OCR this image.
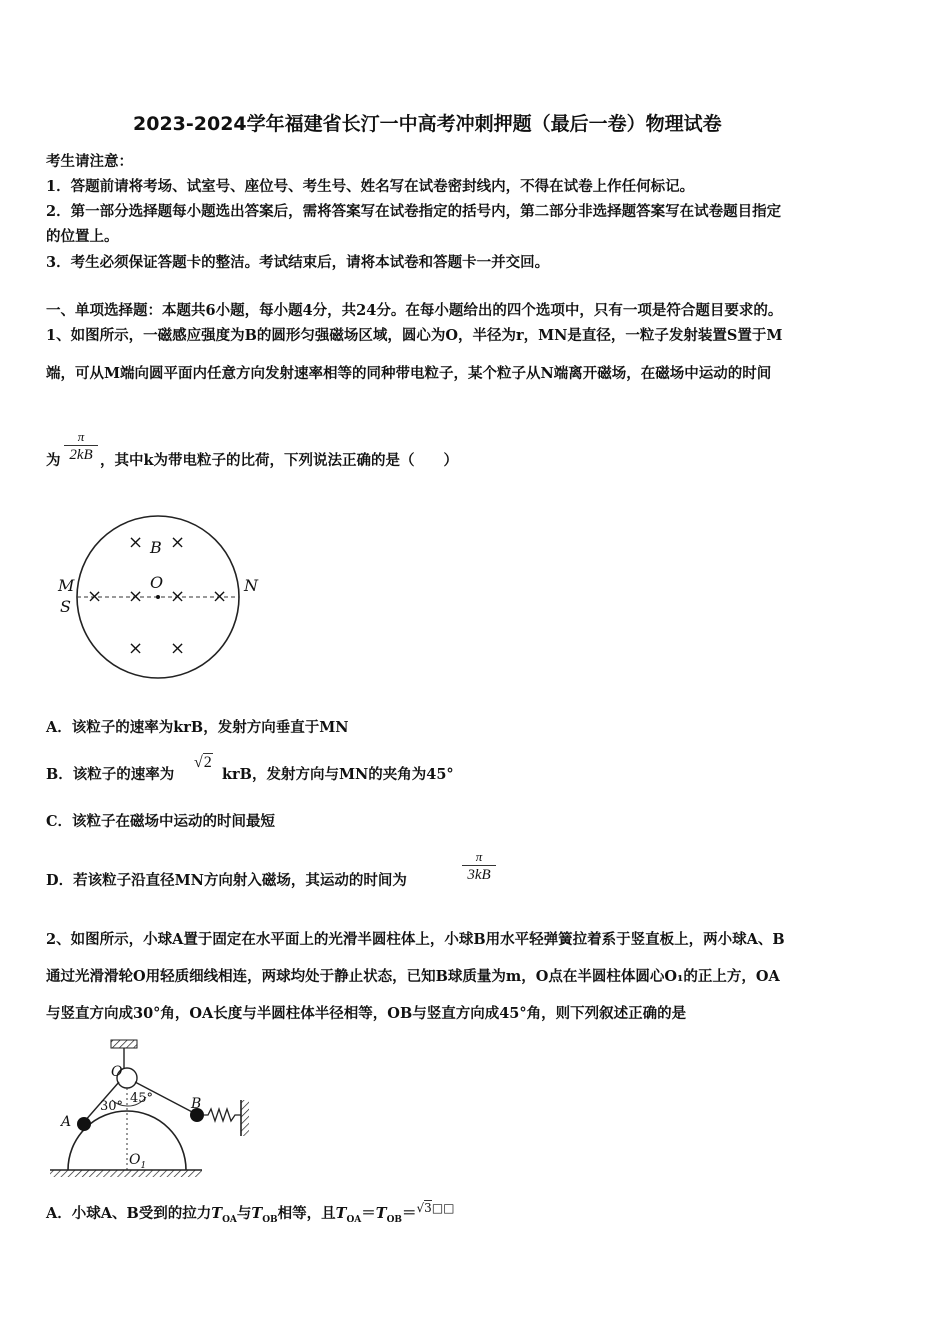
2023-2024学年福建省长汀一中高考冲刺押题（最后一卷）物理试卷
考生请注意：
1．答题前请将考场、试室号、座位号、考生号、姓名写在试卷密封线内，不得在试卷上作任何标记。
2．第一部分选择题每小题选出答案后，需将答案写在试卷指定的括号内，第二部分非选择题答案写在试卷题目指定
的位置上。
3．考生必须保证答题卡的整洁。考试结束后，请将本试卷和答题卡一并交回。
一、单项选择题：本题共6小题，每小题4分，共24分。在每小题给出的四个选项中，只有一项是符合题目要求的。
1、如图所示，一磁感应强度为B的圆形匀强磁场区域，圆心为O，半径为r，MN是直径，一粒子发射装置S置于M
端，可从M端向圆平面内任意方向发射速率相等的同种带电粒子，某个粒子从N端离开磁场，在磁场中运动的时间
为
π
2kB ，其中k为带电粒子的比荷，下列说法正确的是（　　）
× ×
× × × ×
× ×
B
O
M
S
N
A．该粒子的速率为krB，发射方向垂直于MN
B．该粒子的速率为
√2
krB，发射方向与MN的夹角为45°
C．该粒子在磁场中运动的时间最短
D．若该粒子沿直径MN方向射入磁场，其运动的时间为
π
3kB
2、如图所示，小球A置于固定在水平面上的光滑半圆柱体上，小球B用水平轻弹簧拉着系于竖直板上，两小球A、B
通过光滑滑轮O用轻质细线相连，两球均处于静止状态，已知B球质量为m，O点在半圆柱体圆心O₁的正上方，OA
与竖直方向成30°角，OA长度与半圆柱体半径相等，OB与竖直方向成45°角，则下列叙述正确的是
O
A
B
30°
45°
$O_1$
A．小球A、B受到的拉力$T_{OA}$与$T_{OB}$相等，且$T_{OA}=T_{OB}=^{√3□□}$
